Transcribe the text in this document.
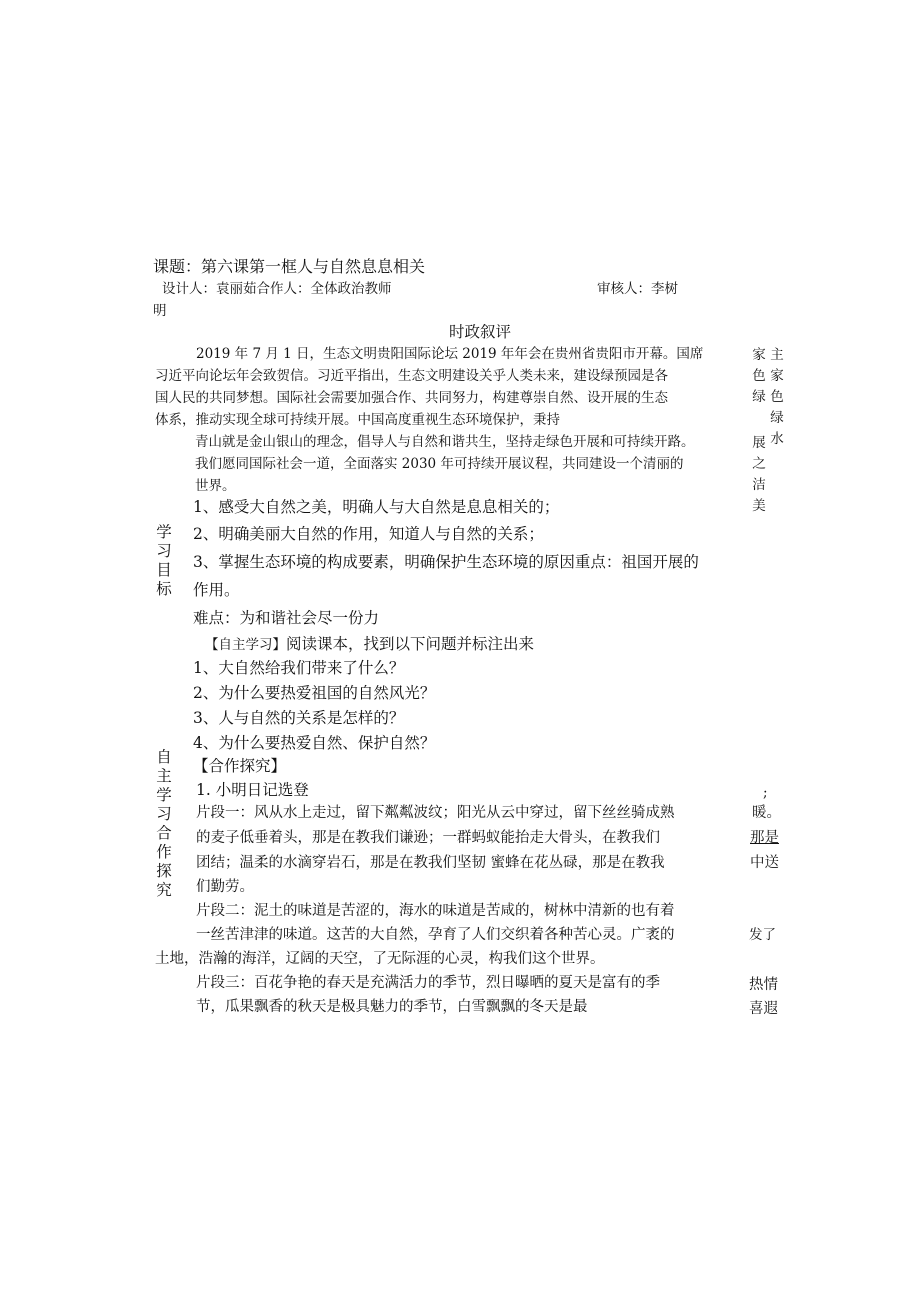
课题：第六课第一框人与自然息息相关
设计人：袁丽茹合作人：全体政治教师	审核人：李树
明
时政叙评
2019 年 7 月 1 日，生态文明贵阳国际论坛 2019 年年会在贵州省贵阳市开幕。国席
习近平向论坛年会致贺信。习近平指出，生态文明建设关乎人类未来，建设绿预园是各
国人民的共同梦想。国际社会需要加强合作、共同努力，构建尊崇自然、设开展的生态
体系，推动实现全球可持续开展。中国高度重视生态环境保护，秉持
青山就是金山银山的理念，倡导人与自然和谐共生，坚持走绿色开展和可持续开路。
我们愿同国际社会一道，全面落实 2030 年可持续开展议程，共同建设一个清丽的
世界。
家色绿
主家色绿水
展之洁美
学习目标
1、感受大自然之美，明确人与大自然是息息相关的；
2、明确美丽大自然的作用，知道人与自然的关系；
3、掌握生态环境的构成要素，明确保护生态环境的原因重点：祖国开展的
作用。
难点：为和谐社会尽一份力
【自主学习】阅读课本，找到以下问题并标注出来
1、大自然给我们带来了什么？
2、为什么要热爱祖国的自然风光？
3、人与自然的关系是怎样的？
4、为什么要热爱自然、保护自然？
自主学习合作探究
【合作探究】
1. 小明日记选登
片段一：风从水上走过，留下粼粼波纹；阳光从云中穿过，留下丝丝骑成熟
的麦子低垂着头，那是在教我们谦逊；一群蚂蚁能抬走大骨头，在教我们
团结；温柔的水滴穿岩石，那是在教我们坚韧 蜜蜂在花丛碌，那是在教我
们勤劳。
;
暖。
那是
中送
片段二：泥土的味道是苦涩的，海水的味道是苦咸的，树林中清新的也有着
一丝苦津津的味道。这苦的大自然，孕育了人们交织着各种苦心灵。广袤的
土地，浩瀚的海洋，辽阔的天空，了无际涯的心灵，构我们这个世界。
发了
片段三：百花争艳的春天是充满活力的季节，烈日曝晒的夏天是富有的季
节，瓜果飘香的秋天是极具魅力的季节，白雪飘飘的冬天是最
热情
喜遐
